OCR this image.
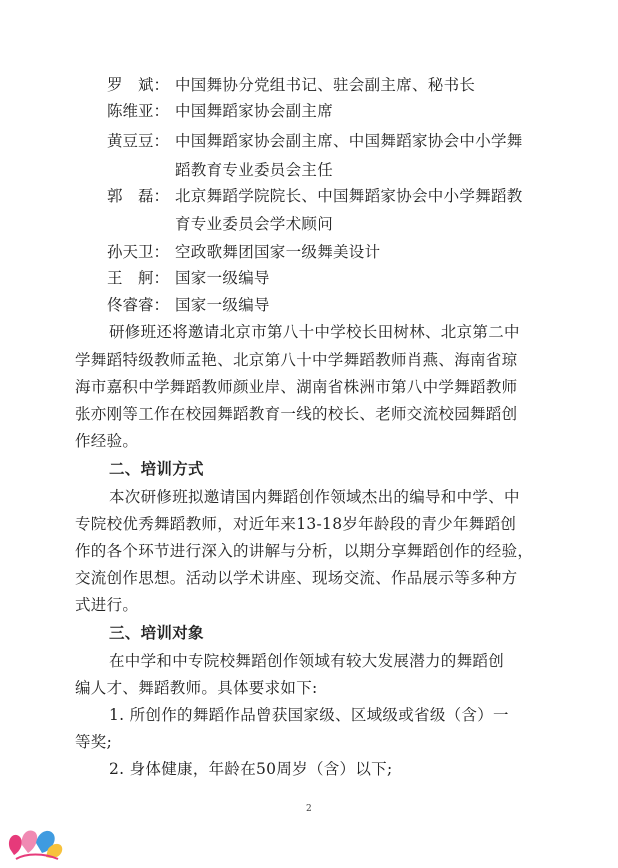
罗　斌： 中国舞协分党组书记、驻会副主席、秘书长
陈维亚： 中国舞蹈家协会副主席
黄豆豆： 中国舞蹈家协会副主席、中国舞蹈家协会中小学舞
蹈教育专业委员会主任
郭　磊： 北京舞蹈学院院长、中国舞蹈家协会中小学舞蹈教
育专业委员会学术顾问
孙天卫： 空政歌舞团国家一级舞美设计
王　舸： 国家一级编导
佟睿睿： 国家一级编导
研修班还将邀请北京市第八十中学校长田树林、北京第二中
学舞蹈特级教师孟艳、北京第八十中学舞蹈教师肖燕、海南省琼
海市嘉积中学舞蹈教师颜业岸、湖南省株洲市第八中学舞蹈教师
张亦刚等工作在校园舞蹈教育一线的校长、老师交流校园舞蹈创
作经验。
二、培训方式
本次研修班拟邀请国内舞蹈创作领域杰出的编导和中学、中
专院校优秀舞蹈教师，对近年来13-18岁年龄段的青少年舞蹈创
作的各个环节进行深入的讲解与分析，以期分享舞蹈创作的经验，
交流创作思想。活动以学术讲座、现场交流、作品展示等多种方
式进行。
三、培训对象
在中学和中专院校舞蹈创作领域有较大发展潜力的舞蹈创
编人才、舞蹈教师。具体要求如下:
1. 所创作的舞蹈作品曾获国家级、区域级或省级（含）一
等奖;
2. 身体健康，年龄在50周岁（含）以下;
2
